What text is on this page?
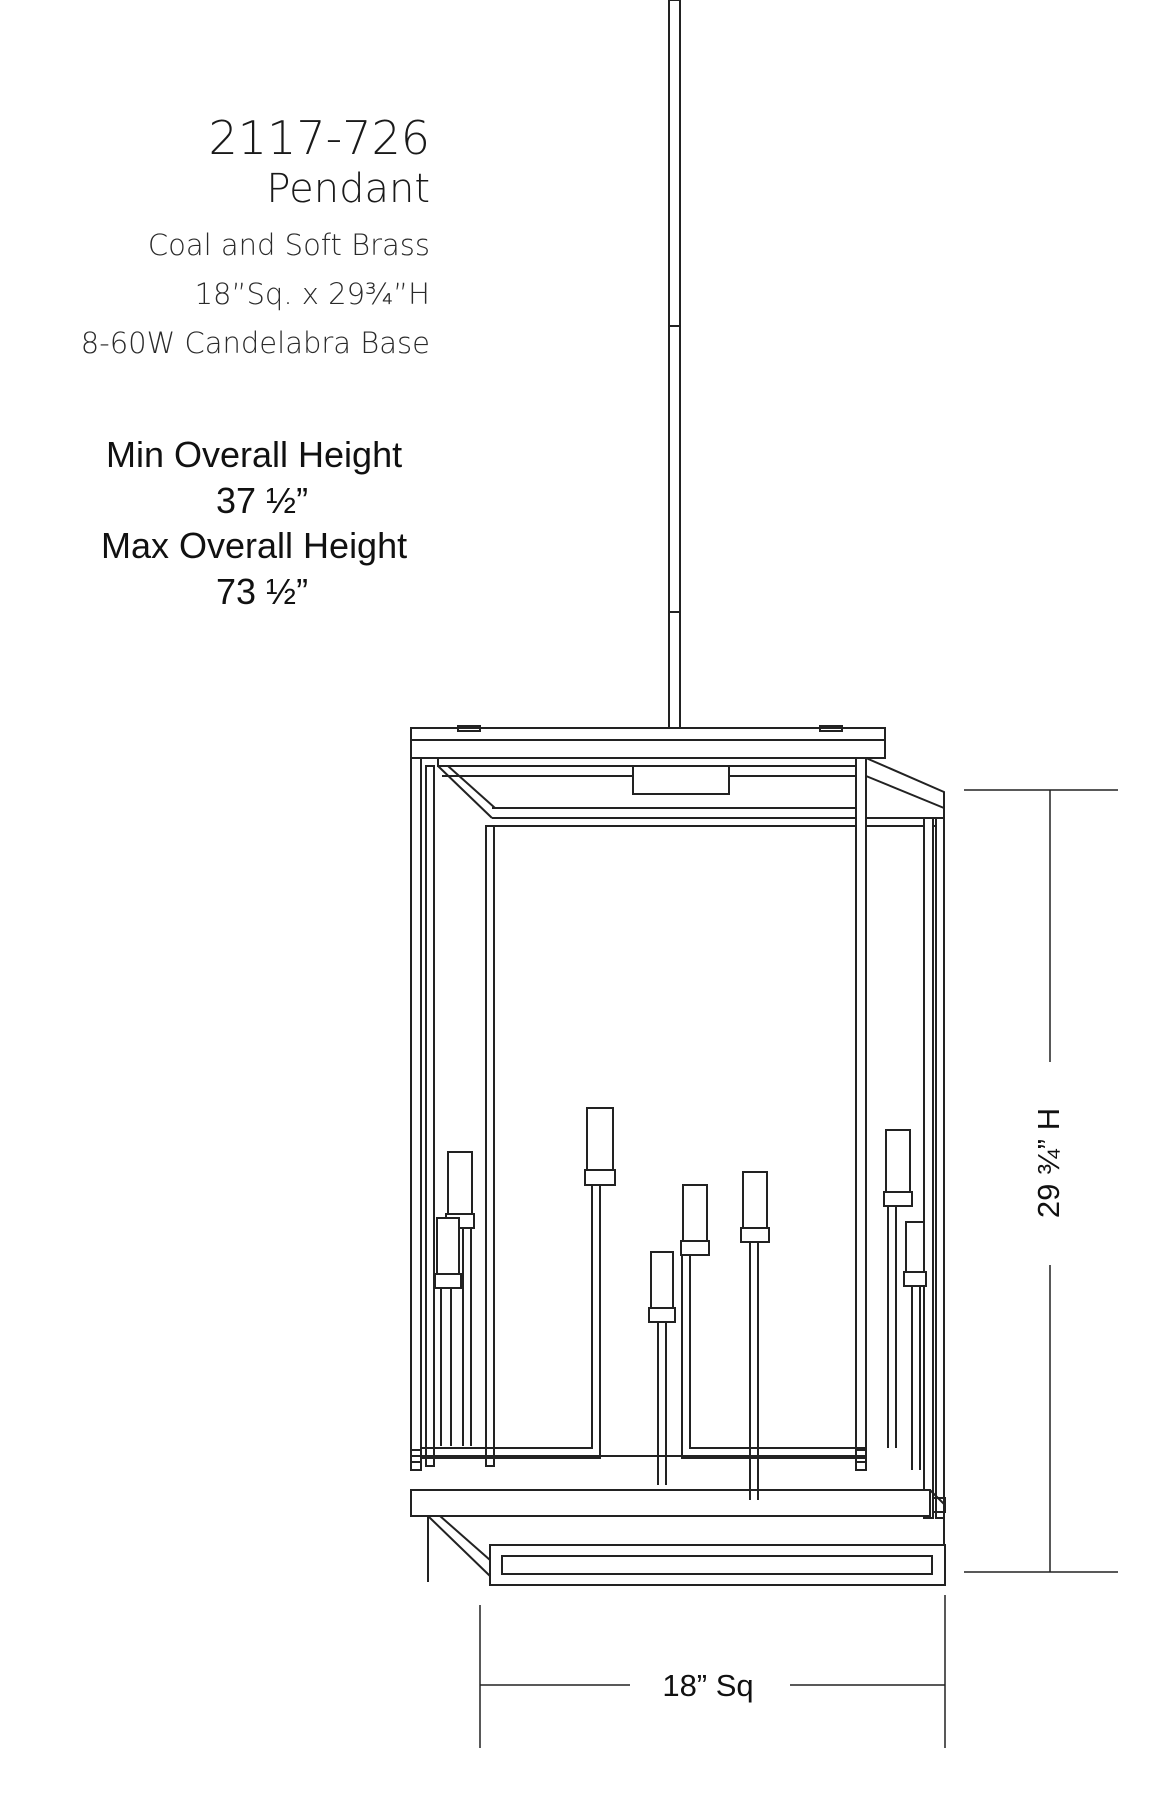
2117-726
Pendant
Coal and Soft Brass
18”Sq. x 29¾”H
8-60W Candelabra Base
Min Overall Height
37 ½”
Max Overall Height
73 ½”
29 ¾” H
18” Sq
